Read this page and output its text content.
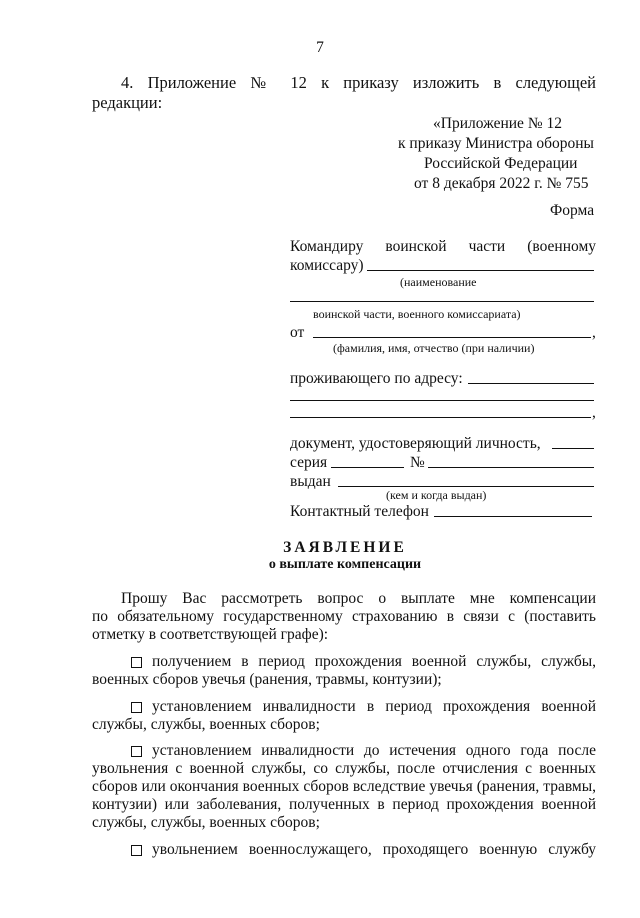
7
4. Приложение № 12 к приказу изложить в следующей
редакции:
«Приложение № 12
к приказу Министра обороны
Российской Федерации
от 8 декабря 2022 г. № 755
Форма
Командиру воинской части (военному
комиссару)
(наименование
воинской части, военного комиссариата)
от	,
(фамилия, имя, отчество (при наличии)
проживающего по адресу:
,
документ, удостоверяющий личность,
серия	№
выдан
(кем и когда выдан)
Контактный телефон
ЗАЯВЛЕНИЕ
о выплате компенсации
Прошу Вас рассмотреть вопрос о выплате мне компенсации
по обязательному государственному страхованию в связи с (поставить
отметку в соответствующей графе):
получением в период прохождения военной службы, службы,
военных сборов увечья (ранения, травмы, контузии);
установлением инвалидности в период прохождения военной
службы, службы, военных сборов;
установлением инвалидности до истечения одного года после
увольнения с военной службы, со службы, после отчисления с военных
сборов или окончания военных сборов вследствие увечья (ранения, травмы,
контузии) или заболевания, полученных в период прохождения военной
службы, службы, военных сборов;
увольнением военнослужащего, проходящего военную службу
